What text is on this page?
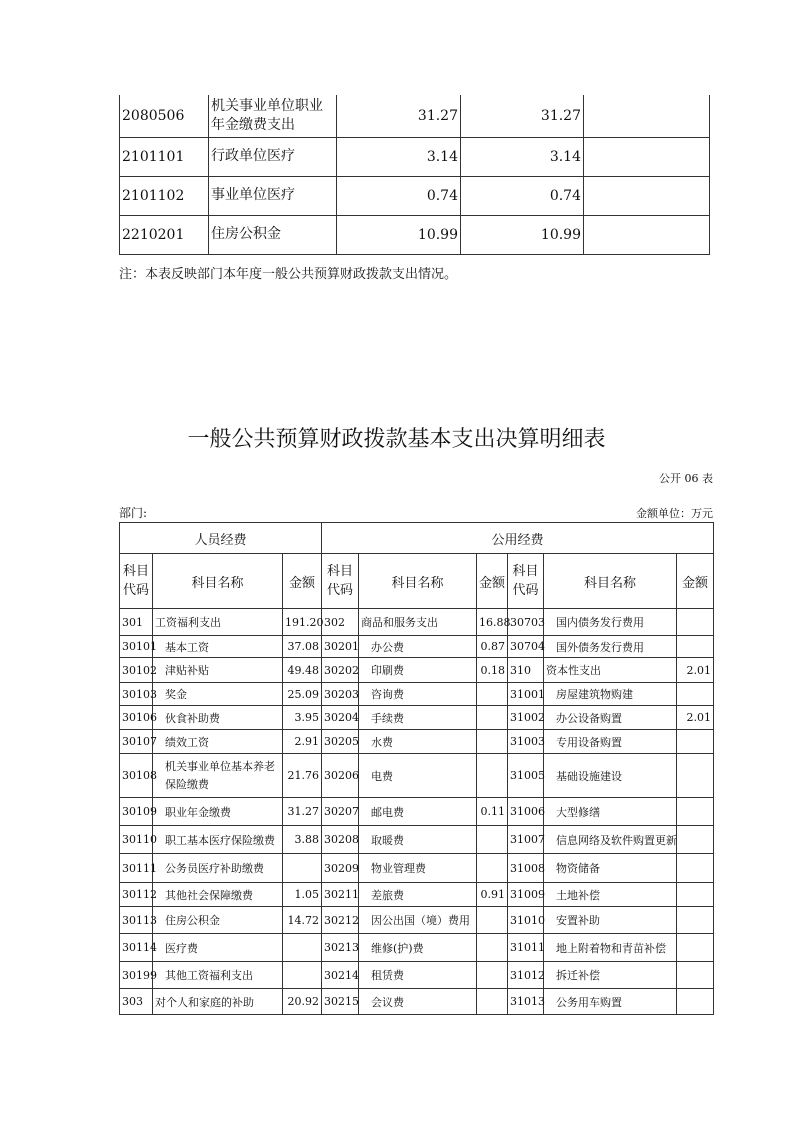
2080506	机关事业单位职业年金缴费支出	31.27	31.27	
2101101	行政单位医疗	3.14	3.14	
2101102	事业单位医疗	0.74	0.74	
2210201	住房公积金	10.99	10.99	
注：本表反映部门本年度一般公共预算财政拨款支出情况。
一般公共预算财政拨款基本支出决算明细表
公开 06 表
部门:	金额单位：万元
人员经费			公用经费					
科目代码	科目名称	金额	科目代码	科目名称	金额	科目代码	科目名称	金额
301	工资福利支出	191.20	302	商品和服务支出	16.88	30703	国内债务发行费用	
30101	基本工资	37.08	30201	办公费	0.87	30704	国外债务发行费用	
30102	津贴补贴	49.48	30202	印刷费	0.18	310	资本性支出	2.01
30103	奖金	25.09	30203	咨询费		31001	房屋建筑物购建	
30106	伙食补助费	3.95	30204	手续费		31002	办公设备购置	2.01
30107	绩效工资	2.91	30205	水费		31003	专用设备购置	
30108	机关事业单位基本养老保险缴费	21.76	30206	电费		31005	基础设施建设	
30109	职业年金缴费	31.27	30207	邮电费	0.11	31006	大型修缮	
30110	职工基本医疗保险缴费	3.88	30208	取暖费		31007	信息网络及软件购置更新	
30111	公务员医疗补助缴费		30209	物业管理费		31008	物资储备	
30112	其他社会保障缴费	1.05	30211	差旅费	0.91	31009	土地补偿	
30113	住房公积金	14.72	30212	因公出国（境）费用		31010	安置补助	
30114	医疗费		30213	维修(护)费		31011	地上附着物和青苗补偿	
30199	其他工资福利支出		30214	租赁费		31012	拆迁补偿	
303	对个人和家庭的补助	20.92	30215	会议费		31013	公务用车购置	
